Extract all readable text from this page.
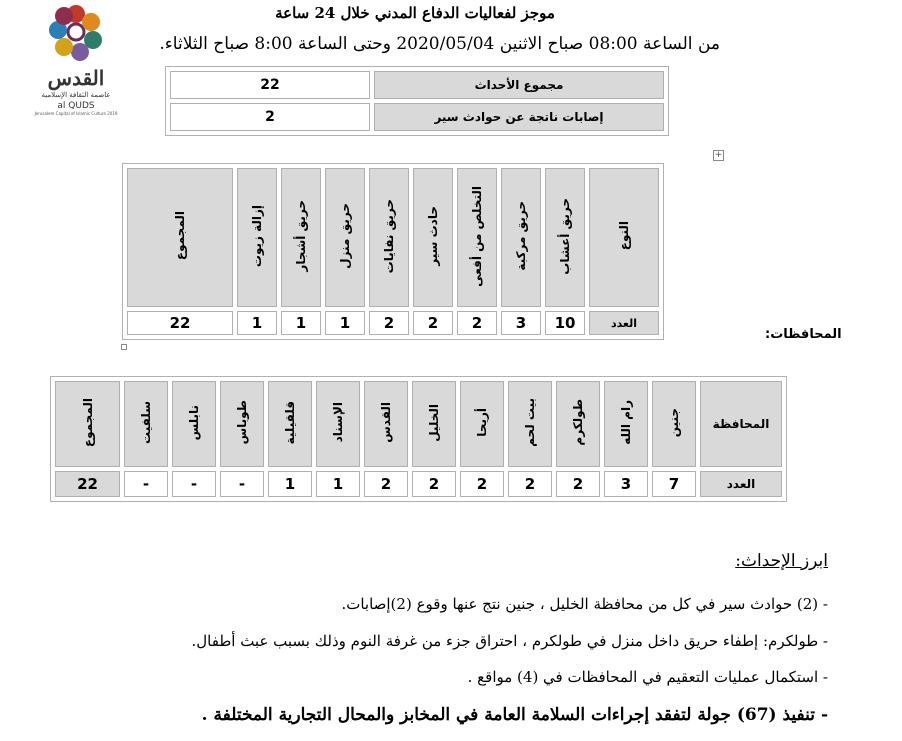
القدس
عاصمة الثقافة الإسلامية
al QUDS
Jerusalem Capital of Islamic Culture 2019
موجز لفعاليات الدفاع المدني خلال 24 ساعة
من الساعة 08:00 صباح الاثنين 2020/05/04 وحتى الساعة 8:00 صباح الثلاثاء.
22	مجموع الأحداث
2	إصابات ناتجة عن حوادث سير
+
المجموع	إزالة زيوت	حريق أشجار	حريق منزل	حريق نفايات	حادث سير	التخلص من أفعى	حريق مركبة	حريق أعشاب	النوع
22	1	1	1	2	2	2	3	10	العدد
المحافظات:
المجموع	سلفيت	نابلس	طوباس	قلقيلية	الإسناد	القدس	الخليل	أريحا	بيت لحم	طولكرم	رام الله	جنين	المحافظة
22	-	-	-	1	1	2	2	2	2	2	3	7	العدد
ابرز الإحداث:
- (2) حوادث سير في كل من محافظة الخليل ، جنين نتج عنها وقوع (2)إصابات.
- طولكرم: إطفاء حريق داخل منزل في طولكرم ، احتراق جزء من غرفة النوم وذلك بسبب عبث أطفال.
- استكمال عمليات التعقيم في المحافظات في (4) مواقع .
- تنفيذ (67) جولة لتفقد إجراءات السلامة العامة في المخابز والمحال التجارية المختلفة .
